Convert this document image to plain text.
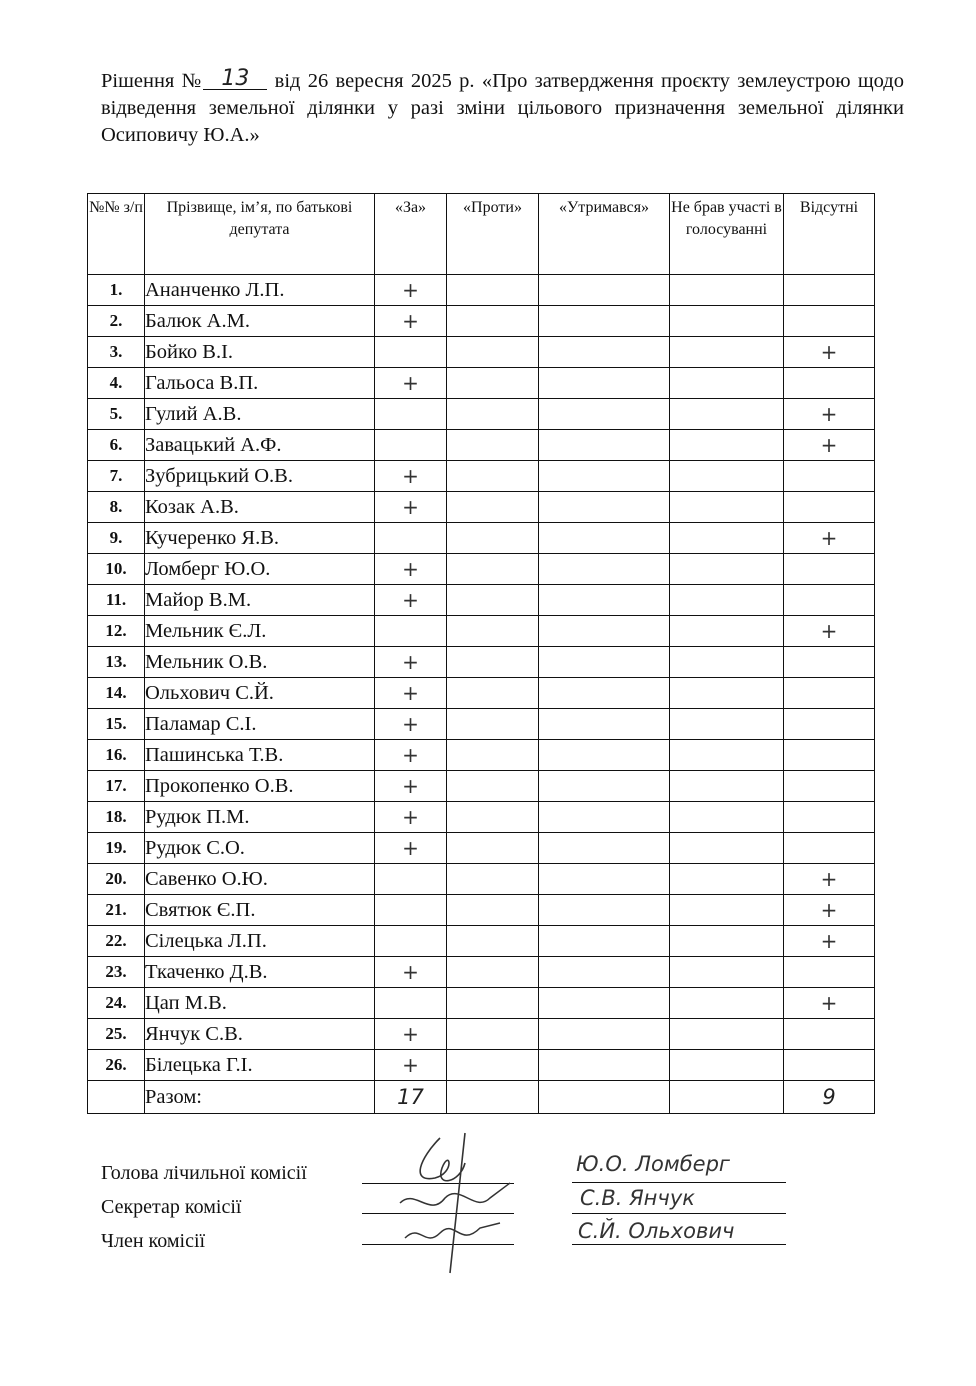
Рішення № 13 від 26 вересня 2025 р. «Про затвердження проєкту землеустрою щодо відведення земельної ділянки у разі зміни цільового призначення земельної ділянки Осиповичу Ю.А.»
№№ з/п	Прізвище, ім’я, по батькові депутата	«За»	«Проти»	«Утримався»	Не брав участі в голосуванні	Відсутні
1.	Ананченко Л.П.	+				
2.	Балюк А.М.	+				
3.	Бойко В.І.					+
4.	Гальоса В.П.	+				
5.	Гулий А.В.					+
6.	Завацький А.Ф.					+
7.	Зубрицький О.В.	+				
8.	Козак А.В.	+				
9.	Кучеренко Я.В.					+
10.	Ломберг Ю.О.	+				
11.	Майор В.М.	+				
12.	Мельник Є.Л.					+
13.	Мельник О.В.	+				
14.	Ольхович С.Й.	+				
15.	Паламар С.І.	+				
16.	Пашинська Т.В.	+				
17.	Прокопенко О.В.	+				
18.	Рудюк П.М.	+				
19.	Рудюк С.О.	+				
20.	Савенко О.Ю.					+
21.	Святюк Є.П.					+
22.	Сілецька Л.П.					+
23.	Ткаченко Д.В.	+				
24.	Цап М.В.					+
25.	Янчук С.В.	+				
26.	Білецька Г.І.	+				
	Разом:	17				9
Голова лічильної комісії
Секретар комісії
Член комісії
Ю.О. Ломберг
С.В. Янчук
С.Й. Ольхович
